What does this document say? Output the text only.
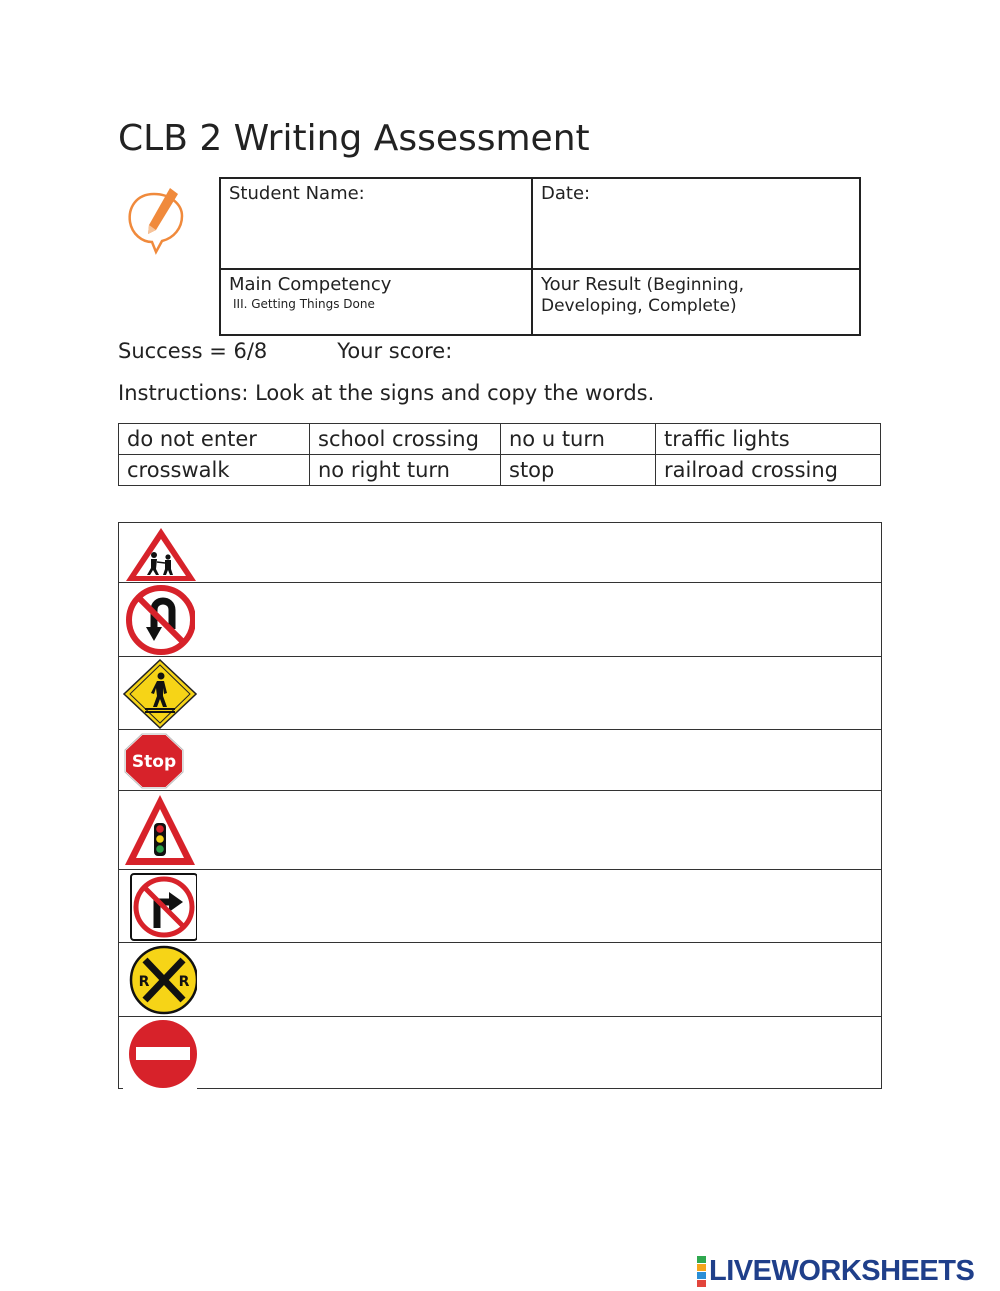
CLB 2 Writing Assessment
Student Name:	Date:
Main Competency
III. Getting Things Done	Your Result (Beginning,
Developing, Complete)
Success = 6/8	Your score:
Instructions: Look at the signs and copy the words.
do not enter	school crossing	no u turn	traffic lights
crosswalk	no right turn	stop	railroad crossing
Stop
R R
LIVEWORKSHEETS
